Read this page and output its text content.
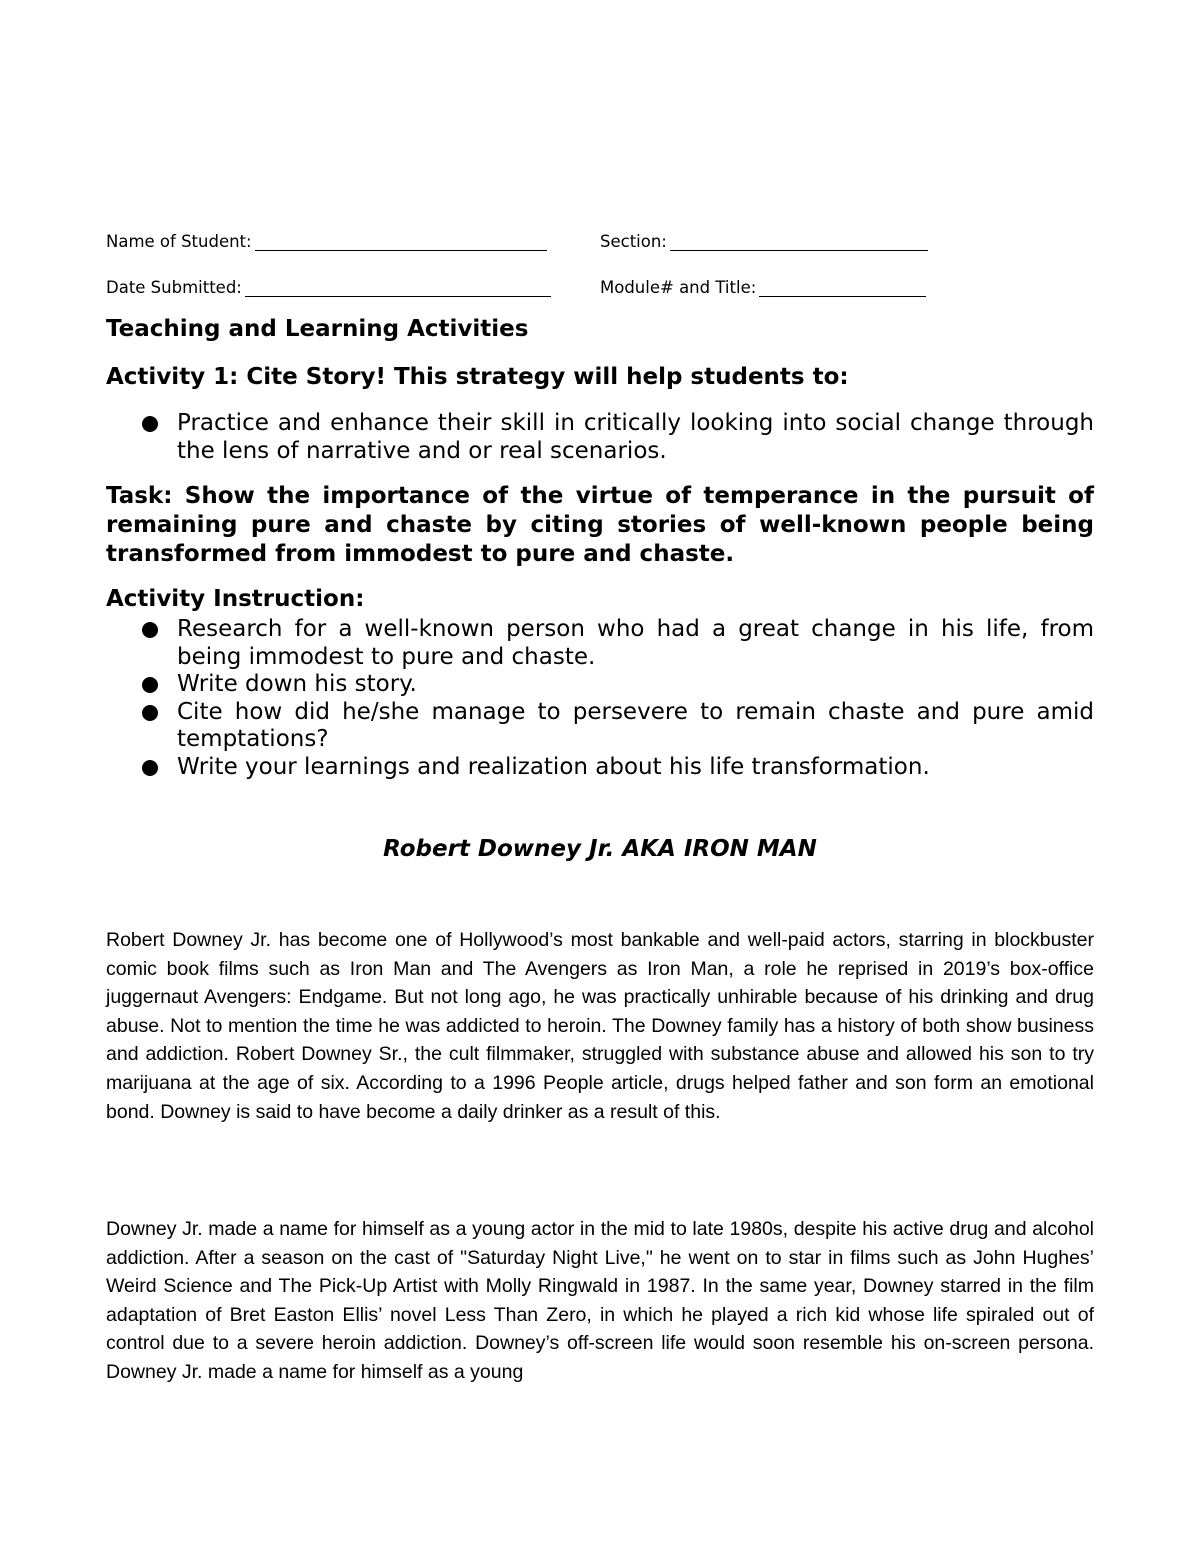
Name of Student:	Section:
Date Submitted:	Module# and Title:
Teaching and Learning Activities
Activity 1: Cite Story! This strategy will help students to:
Practice and enhance their skill in critically looking into social change through the lens of narrative and or real scenarios.
Task: Show the importance of the virtue of temperance in the pursuit of remaining pure and chaste by citing stories of well-known people being transformed from immodest to pure and chaste.
Activity Instruction:
Research for a well-known person who had a great change in his life, from being immodest to pure and chaste.
Write down his story.
Cite how did he/she manage to persevere to remain chaste and pure amid temptations?
Write your learnings and realization about his life transformation.
Robert Downey Jr. AKA IRON MAN

Robert Downey Jr. has become one of Hollywood’s most bankable and well-paid actors, starring in blockbuster comic book films such as Iron Man and The Avengers as Iron Man, a role he reprised in 2019’s box-office juggernaut Avengers: Endgame. But not long ago, he was practically unhirable because of his drinking and drug abuse. Not to mention the time he was addicted to heroin. The Downey family has a history of both show business and addiction. Robert Downey Sr., the cult filmmaker, struggled with substance abuse and allowed his son to try marijuana at the age of six. According to a 1996 People article, drugs helped father and son form an emotional bond. Downey is said to have become a daily drinker as a result of this.

Downey Jr. made a name for himself as a young actor in the mid to late 1980s, despite his active drug and alcohol addiction. After a season on the cast of "Saturday Night Live," he went on to star in films such as John Hughes’ Weird Science and The Pick-Up Artist with Molly Ringwald in 1987. In the same year, Downey starred in the film adaptation of Bret Easton Ellis’ novel Less Than Zero, in which he played a rich kid whose life spiraled out of control due to a severe heroin addiction. Downey’s off-screen life would soon resemble his on-screen persona. Downey Jr. made a name for himself as a young
